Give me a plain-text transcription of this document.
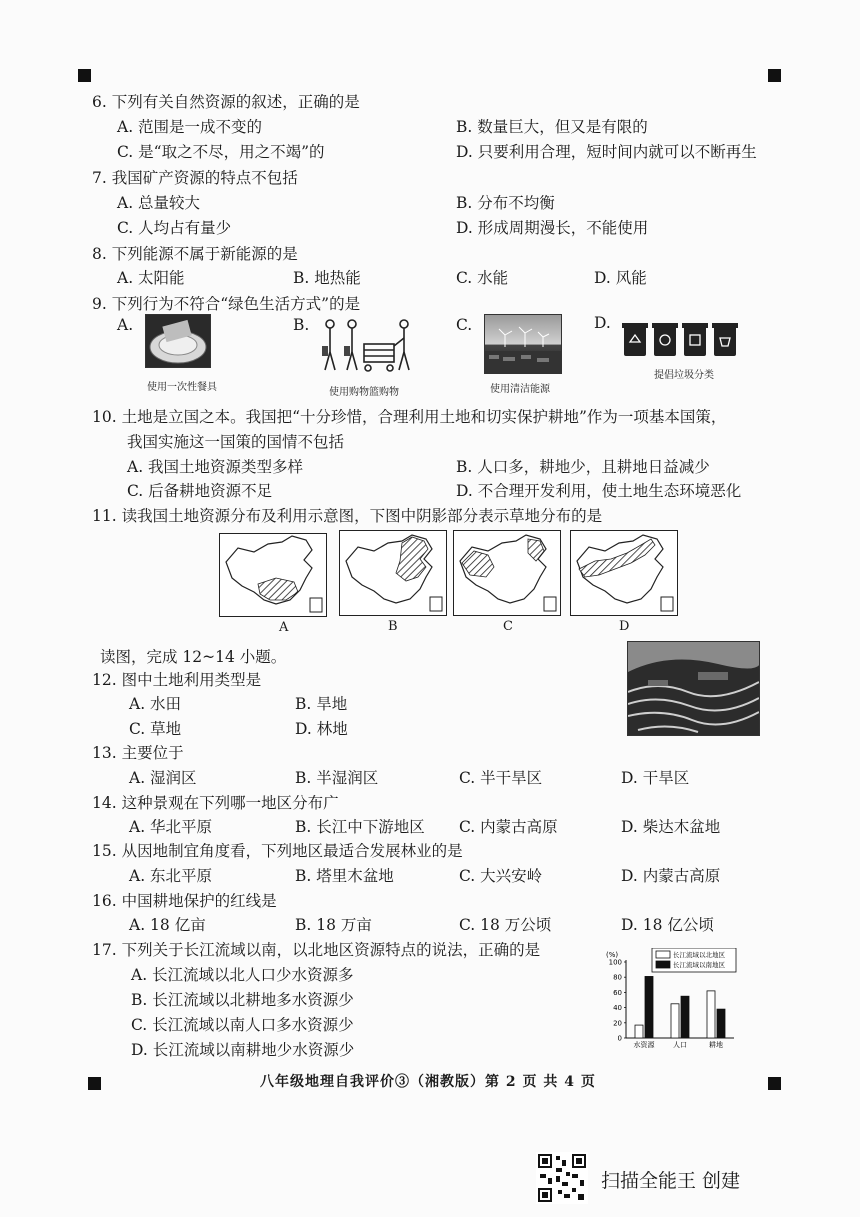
6. 下列有关自然资源的叙述，正确的是
A. 范围是一成不变的	B. 数量巨大，但又是有限的
C. 是“取之不尽，用之不竭”的	D. 只要利用合理，短时间内就可以不断再生
7. 我国矿产资源的特点不包括
A. 总量较大	B. 分布不均衡
C. 人均占有量少	D. 形成周期漫长，不能使用
8. 下列能源不属于新能源的是
A. 太阳能	B. 地热能	C. 水能	D. 风能
9. 下列行为不符合“绿色生活方式”的是
A.
使用一次性餐具
B.
使用购物篮购物
C.
使用清洁能源
D.
提倡垃圾分类
10. 土地是立国之本。我国把“十分珍惜，合理利用土地和切实保护耕地”作为一项基本国策，
我国实施这一国策的国情不包括
A. 我国土地资源类型多样	B. 人口多，耕地少，且耕地日益减少
C. 后备耕地资源不足	D. 不合理开发利用，使土地生态环境恶化
11. 读我国土地资源分布及利用示意图，下图中阴影部分表示草地分布的是
A	B	C	D
读图，完成 12~14 小题。
12. 图中土地利用类型是
A. 水田	B. 旱地
C. 草地	D. 林地
13. 主要位于
A. 湿润区	B. 半湿润区	C. 半干旱区	D. 干旱区
14. 这种景观在下列哪一地区分布广
A. 华北平原	B. 长江中下游地区 C. 内蒙古高原	D. 柴达木盆地
15. 从因地制宜角度看，下列地区最适合发展林业的是
A. 东北平原	B. 塔里木盆地	C. 大兴安岭	D. 内蒙古高原
16. 中国耕地保护的红线是
A. 18 亿亩	B. 18 万亩	C. 18 万公顷	D. 18 亿公顷
17. 下列关于长江流域以南，以北地区资源特点的说法，正确的是
A. 长江流域以北人口少水资源多
B. 长江流域以北耕地多水资源少
C. 长江流域以南人口多水资源少
D. 长江流域以南耕地少水资源少
(%)
100
80
60
40
20
0
水资源	人口	耕地
长江流域以北地区
长江流域以南地区
八年级地理自我评价③（湘教版）第 2 页 共 4 页
扫描全能王 创建
